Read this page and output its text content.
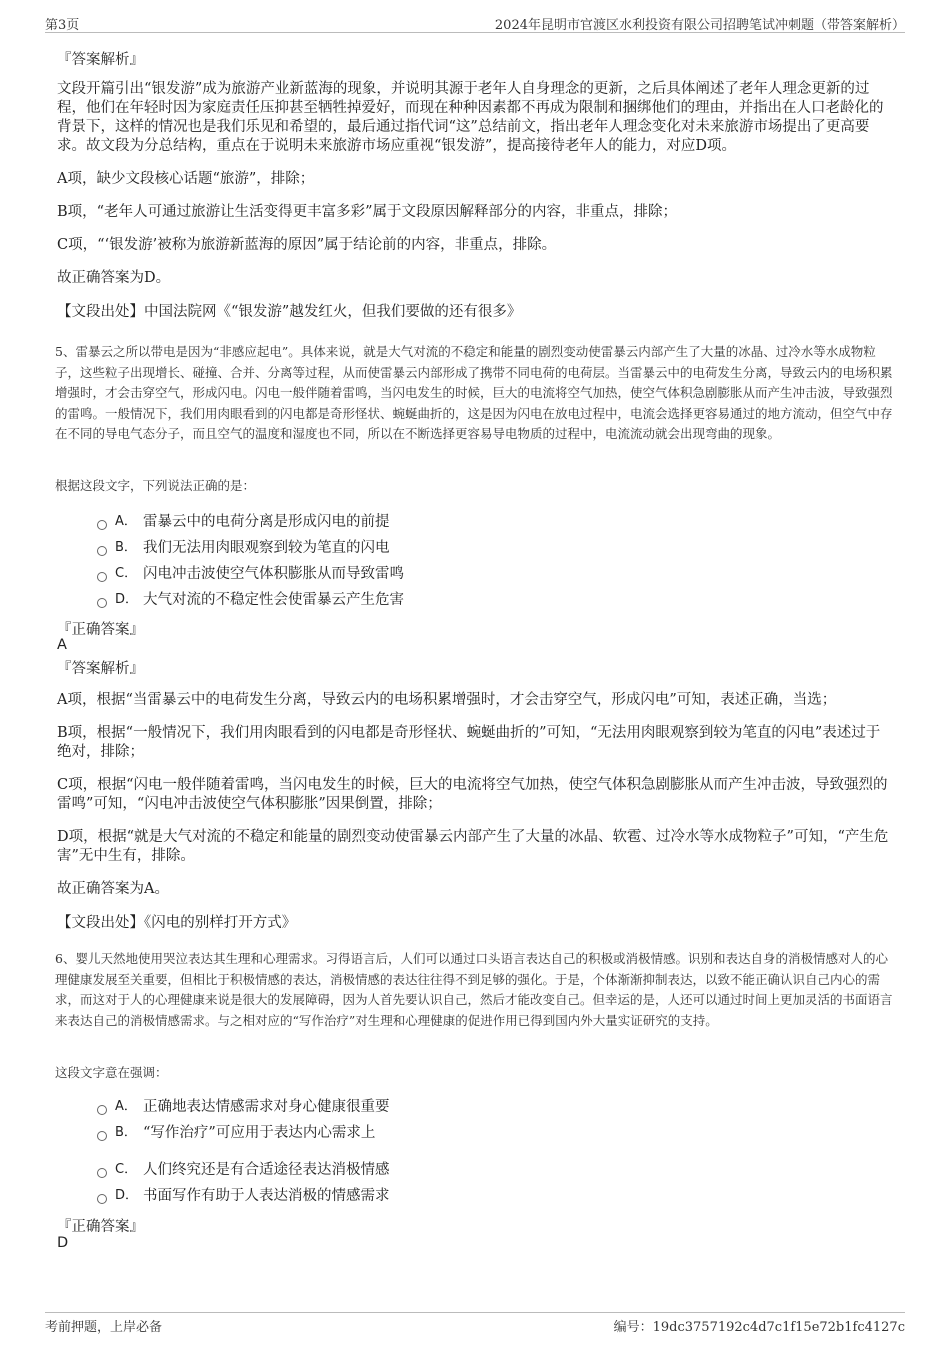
第3页	2024年昆明市官渡区水利投资有限公司招聘笔试冲刺题（带答案解析）
『答案解析』

文段开篇引出“银发游”成为旅游产业新蓝海的现象，并说明其源于老年人自身理念的更新，之后具体阐述了老年人理念更新的过程，他们在年轻时因为家庭责任压抑甚至牺牲掉爱好，而现在种种因素都不再成为限制和捆绑他们的理由，并指出在人口老龄化的背景下，这样的情况也是我们乐见和希望的，最后通过指代词“这”总结前文，指出老年人理念变化对未来旅游市场提出了更高要求。故文段为分总结构，重点在于说明未来旅游市场应重视“银发游”，提高接待老年人的能力，对应D项。

A项，缺少文段核心话题“旅游”，排除；

B项，“老年人可通过旅游让生活变得更丰富多彩”属于文段原因解释部分的内容，非重点，排除；

C项，“‘银发游’被称为旅游新蓝海的原因”属于结论前的内容，非重点，排除。

故正确答案为D。

【文段出处】中国法院网《“银发游”越发红火，但我们要做的还有很多》

5、雷暴云之所以带电是因为“非感应起电”。具体来说，就是大气对流的不稳定和能量的剧烈变动使雷暴云内部产生了大量的冰晶、过冷水等水成物粒子，这些粒子出现增长、碰撞、合并、分离等过程，从而使雷暴云内部形成了携带不同电荷的电荷层。当雷暴云中的电荷发生分离，导致云内的电场积累增强时，才会击穿空气，形成闪电。闪电一般伴随着雷鸣，当闪电发生的时候，巨大的电流将空气加热，使空气体积急剧膨胀从而产生冲击波，导致强烈的雷鸣。一般情况下，我们用肉眼看到的闪电都是奇形怪状、蜿蜒曲折的，这是因为闪电在放电过程中，电流会选择更容易通过的地方流动，但空气中存在不同的导电气态分子，而且空气的温度和湿度也不同，所以在不断选择更容易导电物质的过程中，电流流动就会出现弯曲的现象。

根据这段文字，下列说法正确的是：

A． 雷暴云中的电荷分离是形成闪电的前提
B． 我们无法用肉眼观察到较为笔直的闪电
C． 闪电冲击波使空气体积膨胀从而导致雷鸣
D． 大气对流的不稳定性会使雷暴云产生危害
『正确答案』
A
『答案解析』

A项，根据“当雷暴云中的电荷发生分离，导致云内的电场积累增强时，才会击穿空气，形成闪电”可知，表述正确，当选；

B项，根据“一般情况下，我们用肉眼看到的闪电都是奇形怪状、蜿蜒曲折的”可知，“无法用肉眼观察到较为笔直的闪电”表述过于绝对，排除；

C项，根据“闪电一般伴随着雷鸣，当闪电发生的时候，巨大的电流将空气加热，使空气体积急剧膨胀从而产生冲击波，导致强烈的雷鸣”可知，“闪电冲击波使空气体积膨胀”因果倒置，排除；

D项，根据“就是大气对流的不稳定和能量的剧烈变动使雷暴云内部产生了大量的冰晶、软雹、过冷水等水成物粒子”可知，“产生危害”无中生有，排除。

故正确答案为A。

【文段出处】《闪电的别样打开方式》

6、婴儿天然地使用哭泣表达其生理和心理需求。习得语言后，人们可以通过口头语言表达自己的积极或消极情感。识别和表达自身的消极情感对人的心理健康发展至关重要，但相比于积极情感的表达，消极情感的表达往往得不到足够的强化。于是，个体渐渐抑制表达，以致不能正确认识自己内心的需求，而这对于人的心理健康来说是很大的发展障碍，因为人首先要认识自己，然后才能改变自己。但幸运的是，人还可以通过时间上更加灵活的书面语言来表达自己的消极情感需求。与之相对应的“写作治疗”对生理和心理健康的促进作用已得到国内外大量实证研究的支持。

这段文字意在强调：

A． 正确地表达情感需求对身心健康很重要
B． “写作治疗”可应用于表达内心需求上
C． 人们终究还是有合适途径表达消极情感
D． 书面写作有助于人表达消极的情感需求
『正确答案』
D
考前押题，上岸必备	编号：19dc3757192c4d7c1f15e72b1fc4127c
